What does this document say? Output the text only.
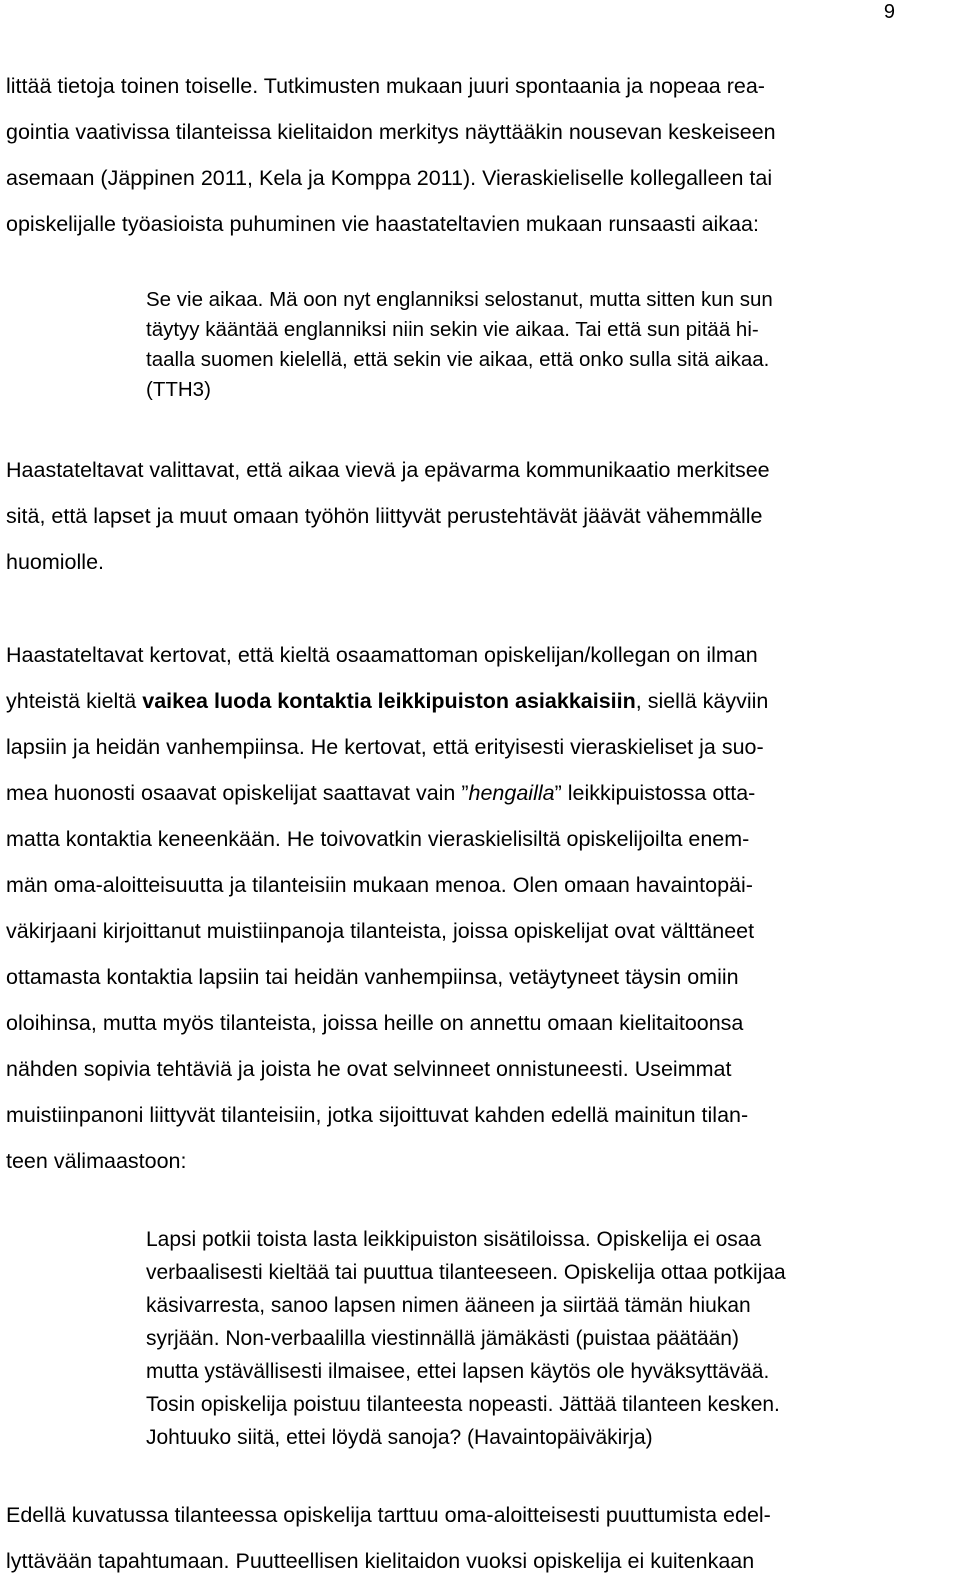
9

littää tietoja toinen toiselle. Tutkimusten mukaan juuri spontaania ja nopeaa rea-

gointia vaativissa tilanteissa kielitaidon merkitys näyttääkin nousevan keskeiseen

asemaan (Jäppinen 2011, Kela ja Komppa 2011). Vieraskieliselle kollegalleen tai

opiskelijalle työasioista puhuminen vie haastateltavien mukaan runsaasti aikaa:

Se vie aikaa. Mä oon nyt englanniksi selostanut, mutta sitten kun sun

täytyy kääntää englanniksi niin sekin vie aikaa. Tai että sun pitää hi-

taalla suomen kielellä, että sekin vie aikaa, että onko sulla sitä aikaa.

(TTH3)

Haastateltavat valittavat, että aikaa vievä ja epävarma kommunikaatio merkitsee

sitä, että lapset ja muut omaan työhön liittyvät perustehtävät jäävät vähemmälle

huomiolle.

Haastateltavat kertovat, että kieltä osaamattoman opiskelijan/kollegan on ilman

yhteistä kieltä vaikea luoda kontaktia leikkipuiston asiakkaisiin, siellä käyviin

lapsiin ja heidän vanhempiinsa. He kertovat, että erityisesti vieraskieliset ja suo-

mea huonosti osaavat opiskelijat saattavat vain ”hengailla” leikkipuistossa otta-

matta kontaktia keneenkään. He toivovatkin vieraskielisiltä opiskelijoilta enem-

män oma-aloitteisuutta ja tilanteisiin mukaan menoa. Olen omaan havaintopäi-

väkirjaani kirjoittanut muistiinpanoja tilanteista, joissa opiskelijat ovat välttäneet

ottamasta kontaktia lapsiin tai heidän vanhempiinsa, vetäytyneet täysin omiin

oloihinsa, mutta myös tilanteista, joissa heille on annettu omaan kielitaitoonsa

nähden sopivia tehtäviä ja joista he ovat selvinneet onnistuneesti. Useimmat

muistiinpanoni liittyvät tilanteisiin, jotka sijoittuvat kahden edellä mainitun tilan-

teen välimaastoon:

Lapsi potkii toista lasta leikkipuiston sisätiloissa. Opiskelija ei osaa

verbaalisesti kieltää tai puuttua tilanteeseen. Opiskelija ottaa potkijaa

käsivarresta, sanoo lapsen nimen ääneen ja siirtää tämän hiukan

syrjään. Non-verbaalilla viestinnällä jämäkästi (puistaa päätään)

mutta ystävällisesti ilmaisee, ettei lapsen käytös ole hyväksyttävää.

Tosin opiskelija poistuu tilanteesta nopeasti. Jättää tilanteen kesken.

Johtuuko siitä, ettei löydä sanoja? (Havaintopäiväkirja)

Edellä kuvatussa tilanteessa opiskelija tarttuu oma-aloitteisesti puuttumista edel-

lyttävään tapahtumaan. Puutteellisen kielitaidon vuoksi opiskelija ei kuitenkaan
